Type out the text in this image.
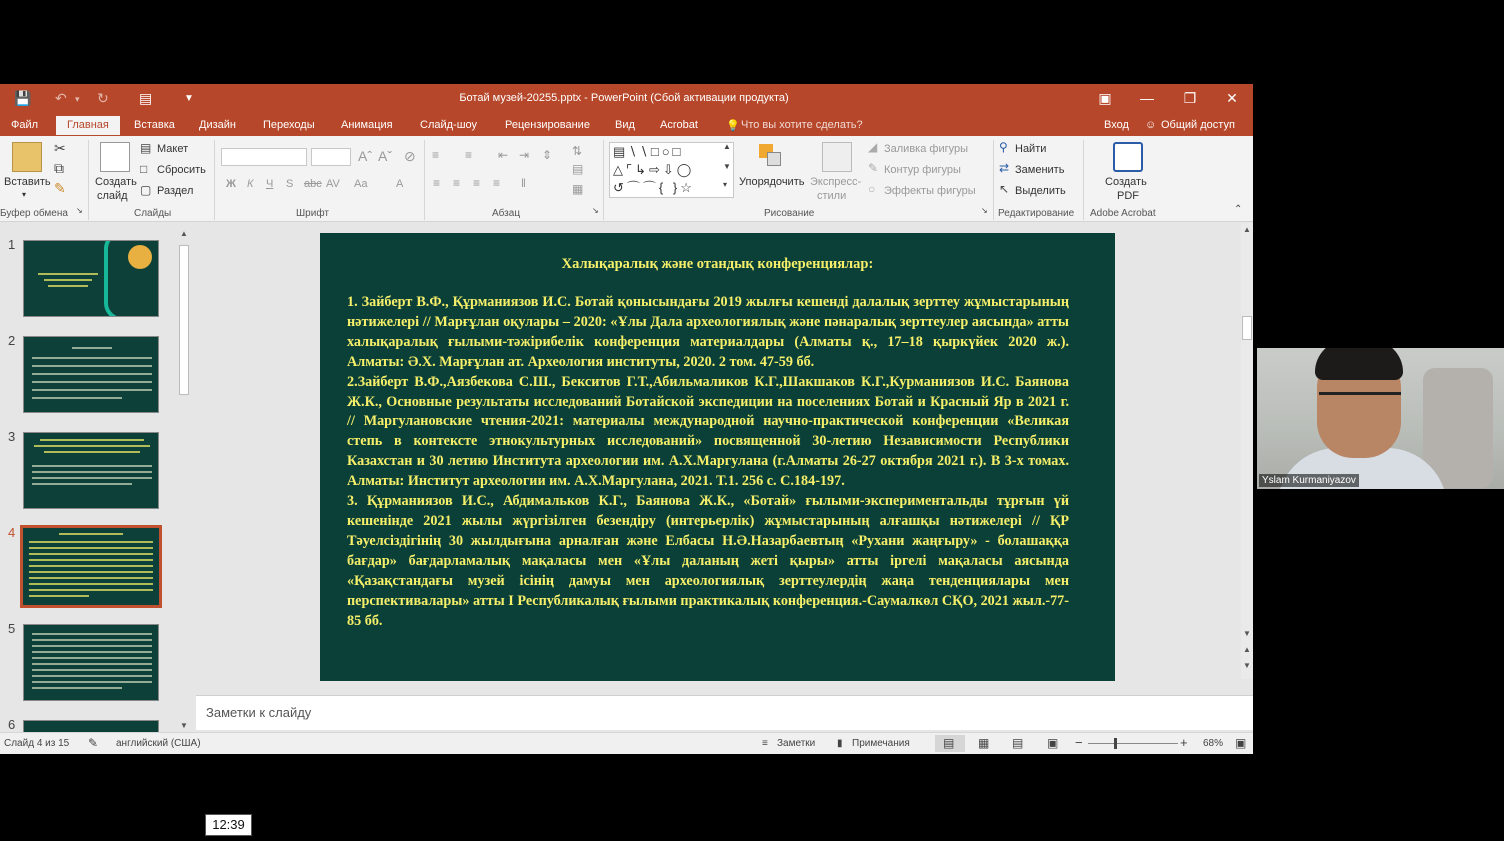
💾 ↶ ▾ ↻ ▤	▼	Ботай музей-20255.pptx - PowerPoint (Сбой активации продукта)	▣ — ❐ ✕
Файл	Главная	Вставка Дизайн Переходы Анимация Слайд-шоу	Рецензирование Вид Acrobat	💡 Что вы хотите сделать?	Вход ☺ Общий доступ
Вставить
▾
✂
⧉
✎
Буфер обмена ↘
Создать
слайд
▤ Макет
□ Сбросить
▢ Раздел
Слайды
Aˆ Aˇ ⊘
Ж К Ч S abc AV Aa	A
Шрифт
≡ ≡ ⇤ ⇥ ⇕ ⇅
▤
▦
≡ ≡ ≡ ≡ ‖
Абзац	↘
▤∖∖□○□
△⌜↳⇨⇩◯
↺⌒⌒{ }☆
▲
▼
▾ Упорядочить Экспресс-
стили
◢ Заливка фигуры
✎ Контур фигуры
○ Эффекты фигуры
Рисование	↘
⚲ Найти
⇄ Заменить
↖ Выделить
Редактирование
Создать
PDF
Adobe Acrobat	⌃
1
2
3
4
5
6
▲
▼
Халықаралық және отандық конференциялар:

1. Зайберт В.Ф., Құрманиязов И.С. Ботай қонысындағы 2019 жылғы кешенді далалық зерттеу жұмыстарының нәтижелері // Марғұлан оқулары – 2020: «Ұлы Дала археологиялық және пәнаралық зерттеулер аясында» атты халықаралық ғылыми-тәжірибелік конференция материалдары (Алматы қ., 17–18 қыркүйек 2020 ж.). Алматы: Ә.Х. Марғұлан ат. Археология институты, 2020. 2 том. 47-59 бб.

2.Зайберт В.Ф.,Аязбекова С.Ш., Бекситов Г.Т.,Абильмаликов К.Г.,Шакшаков К.Г.,Курманиязов И.С. Баянова Ж.К., Основные результаты исследований Ботайской экспедиции на поселениях Ботай и Красный Яр в 2021 г. // Маргулановские чтения-2021: материалы международной научно-практической конференции «Великая степь в контексте этнокультурных исследований» посвященной 30-летию Независимости Республики Казахстан и 30 летию Института археологии им. А.Х.Маргулана (г.Алматы 26-27 октября 2021 г.). В 3-х томах. Алматы: Институт археологии им. А.Х.Маргулана, 2021. Т.1. 256 с. С.184-197.

3. Құрманиязов И.С., Абдимальков К.Г., Баянова Ж.К., «Ботай» ғылыми-экспериментальды тұрғын үй кешенінде 2021 жылы жүргізілген безендіру (интерьерлік) жұмыстарының алғашқы нәтижелері // ҚР Тәуелсіздігінің 30 жылдығына арналған және Елбасы Н.Ә.Назарбаевтың «Рухани жаңғыру» - болашаққа бағдар» бағдарламалық мақаласы мен «Ұлы даланың жеті қыры» атты іргелі мақаласы аясында «Қазақстандағы музей ісінің дамуы мен археологиялық зерттеулердің жаңа тенденциялары мен перспективалары» атты I Республикалық ғылыми практикалық конференция.-Саумалкөл СҚО, 2021 жыл.-77-85 бб.

▲
▼
▲
▼
Заметки к слайду
Слайд 4 из 15 ✎ английский (США)	≡ Заметки ▮ Примечания	▤ ▦ ▤ ▣ −	+ 68% ▣
Yslam Kurmaniyazov
12:39
